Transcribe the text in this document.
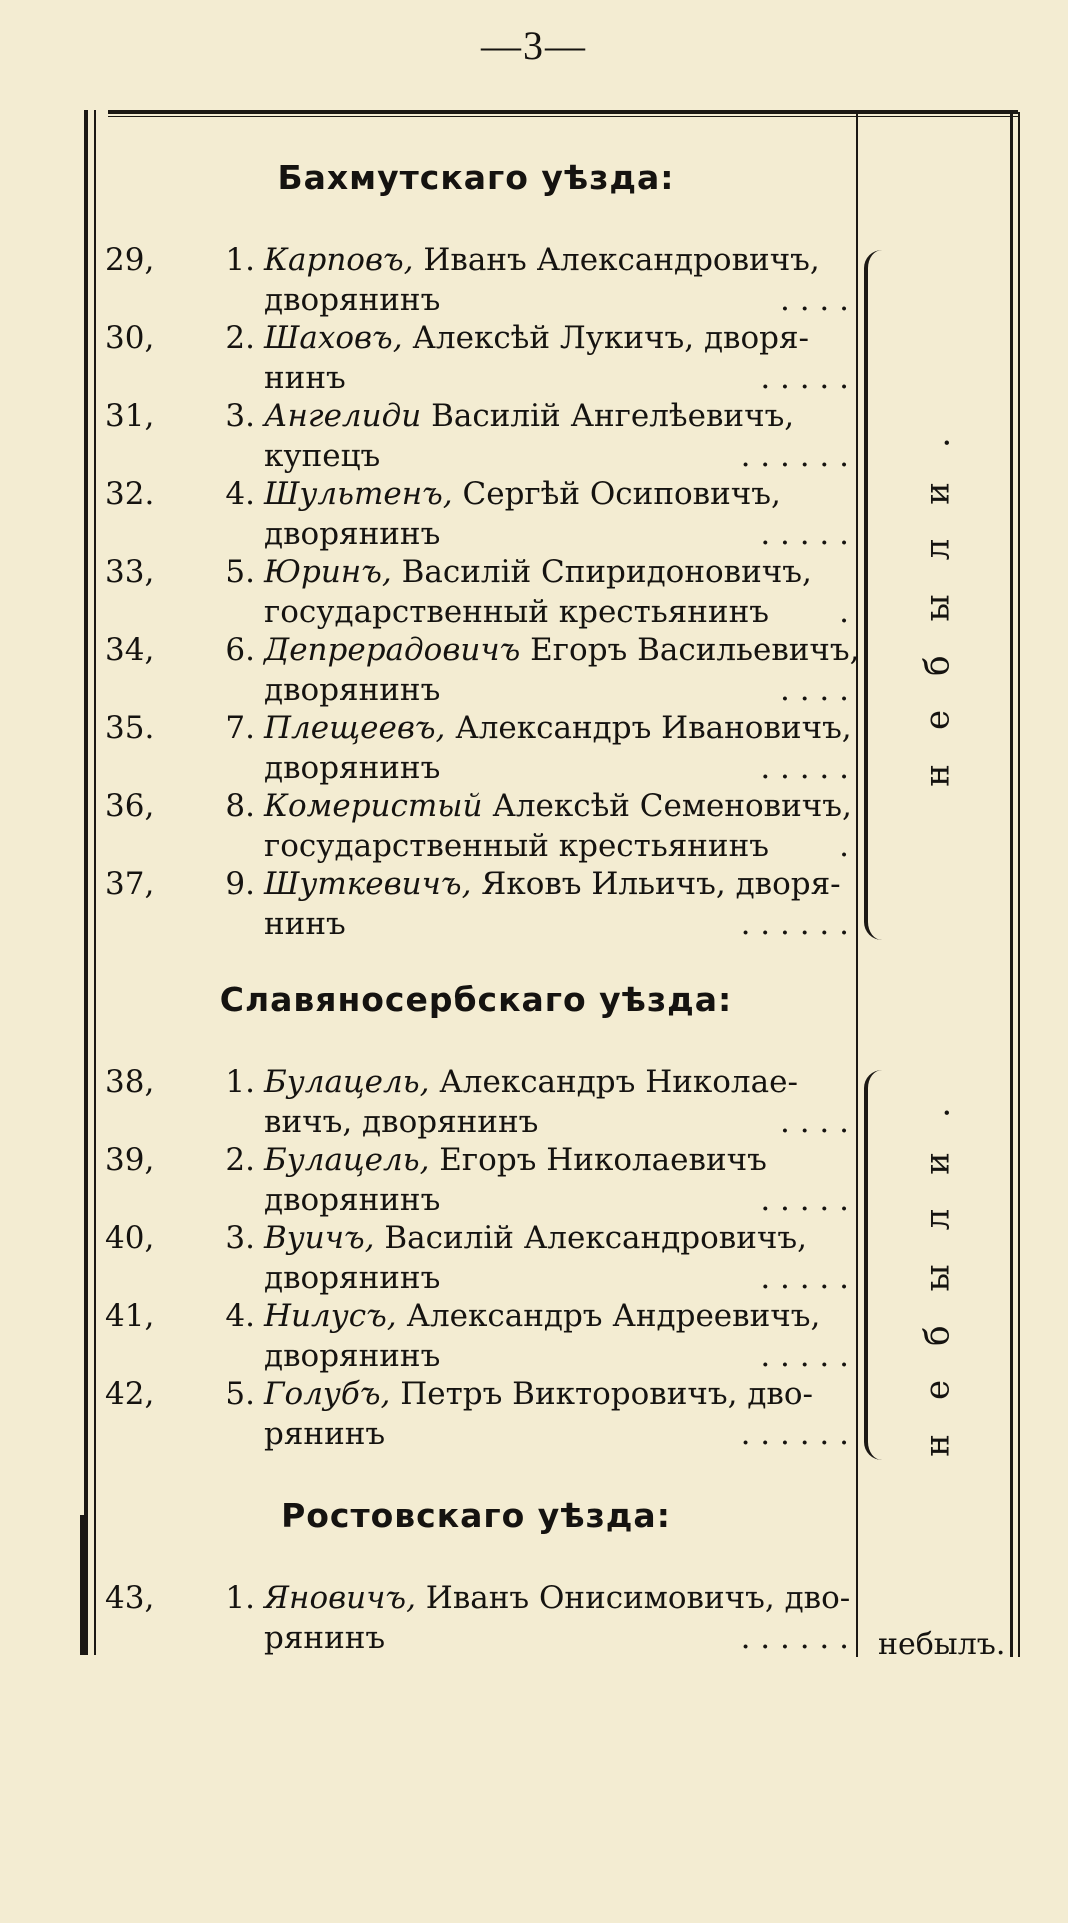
—3—
Бахмутскаго уѣзда:
29,	1. Карповъ, Иванъ Александровичъ,
дворянинъ	. . . .
30,	2. Шаховъ, Алексѣй Лукичъ, дворя-
нинъ	. . . . .
31,	3. Ангелиди Василій Ангелѣевичъ,
купецъ	. . . . . .
32.	4. Шультенъ, Сергѣй Осиповичъ,
дворянинъ	. . . . .
33,	5. Юринъ, Василій Спиридоновичъ,
государственный крестьянинъ .
34,	6. Депрерадовичъ Егоръ Васильевичъ,
дворянинъ	. . . .
35.	7. Плещеевъ, Александръ Ивановичъ,
дворянинъ	. . . . .
36,	8. Комеристый Алексѣй Семеновичъ,
государственный крестьянинъ .
37,	9. Шуткевичъ, Яковъ Ильичъ, дворя-
нинъ	. . . . . .
небыли.
Славяносербскаго уѣзда:
38,	1. Булацель, Александръ Николае-
вичъ, дворянинъ	. . . .
39,	2. Булацель, Егоръ Николаевичъ
дворянинъ	. . . . .
40,	3. Вуичъ, Василій Александровичъ,
дворянинъ	. . . . .
41,	4. Нилусъ, Александръ Андреевичъ,
дворянинъ	. . . . .
42,	5. Голубъ, Петръ Викторовичъ, дво-
рянинъ	. . . . . . небыли.
Ростовскаго уѣзда:
43,	1. Яновичъ, Иванъ Онисимовичъ, дво-
рянинъ	. . . . . . небылъ.
